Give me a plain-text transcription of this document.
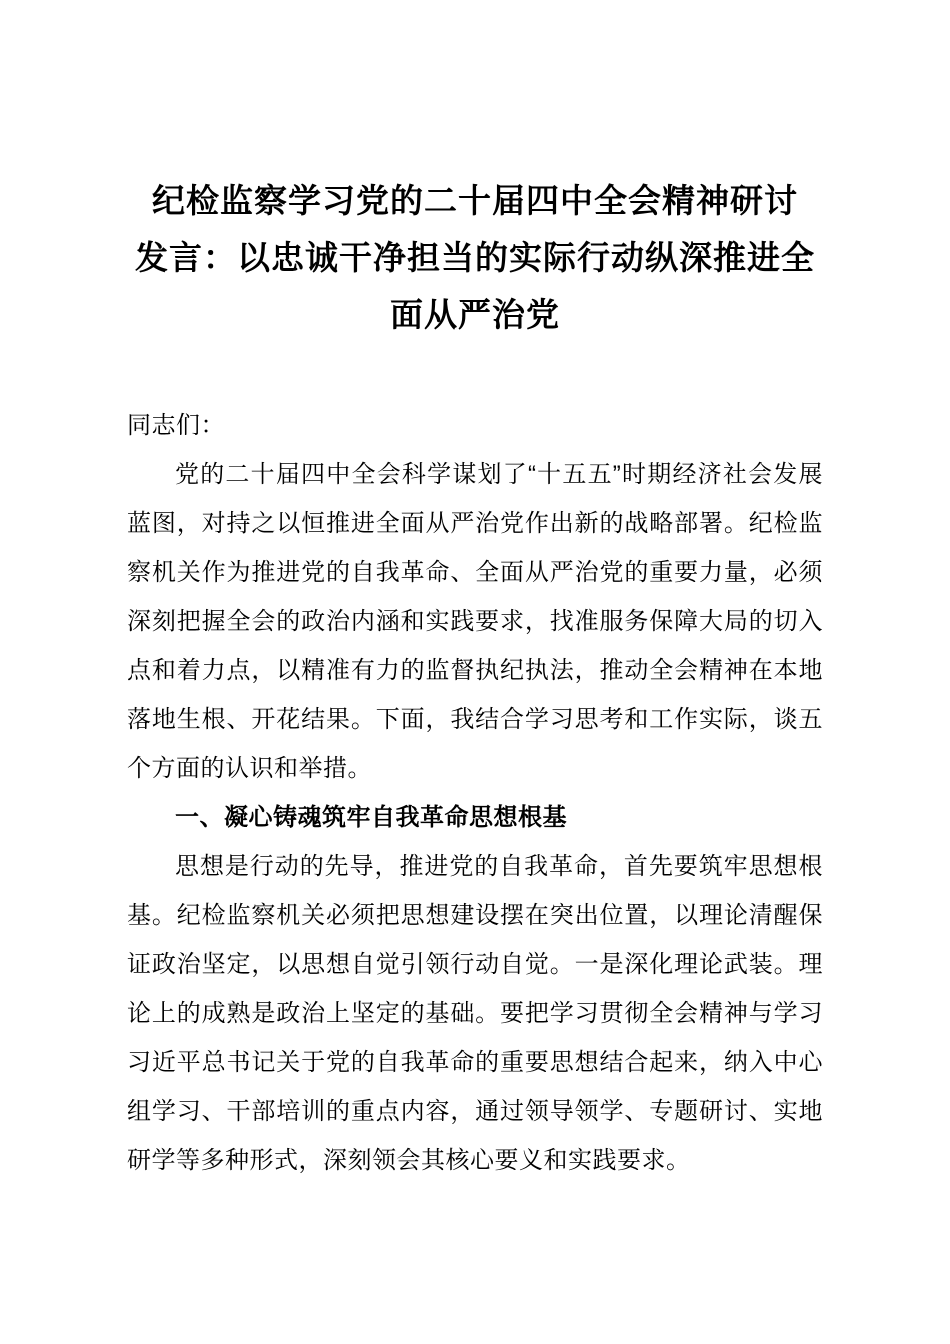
纪检监察学习党的二十届四中全会精神研讨
发言：以忠诚干净担当的实际行动纵深推进全
面从严治党

同志们：

党的二十届四中全会科学谋划了“十五五”时期经济社会发展蓝图，对持之以恒推进全面从严治党作出新的战略部署。纪检监察机关作为推进党的自我革命、全面从严治党的重要力量，必须深刻把握全会的政治内涵和实践要求，找准服务保障大局的切入点和着力点，以精准有力的监督执纪执法，推动全会精神在本地落地生根、开花结果。下面，我结合学习思考和工作实际，谈五个方面的认识和举措。

一、凝心铸魂筑牢自我革命思想根基

思想是行动的先导，推进党的自我革命，首先要筑牢思想根基。纪检监察机关必须把思想建设摆在突出位置，以理论清醒保证政治坚定，以思想自觉引领行动自觉。一是深化理论武装。理论上的成熟是政治上坚定的基础。要把学习贯彻全会精神与学习习近平总书记关于党的自我革命的重要思想结合起来，纳入中心组学习、干部培训的重点内容，通过领导领学、专题研讨、实地研学等多种形式，深刻领会其核心要义和实践要求。
